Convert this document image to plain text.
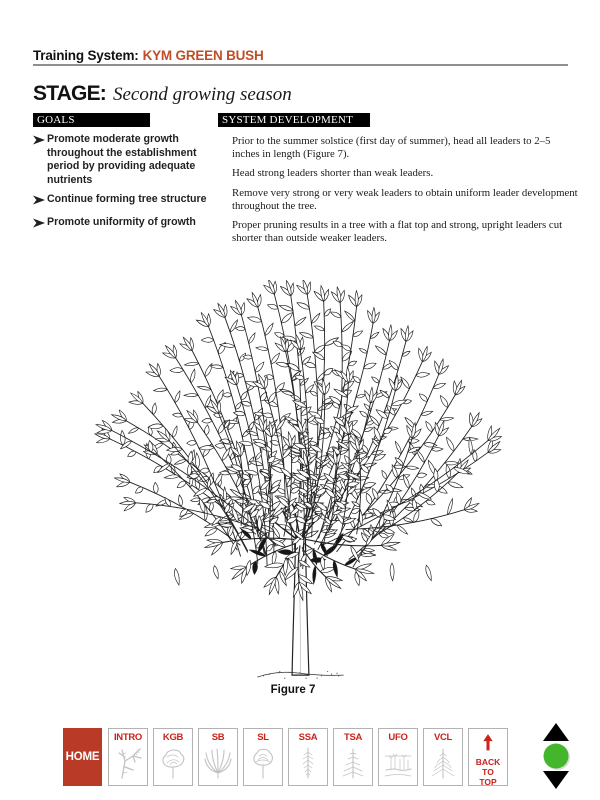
Training System: KYM GREEN BUSH
STAGE: Second growing season
GOALS	SYSTEM DEVELOPMENT
Promote moderate growth throughout the establishment period by providing adequate nutrients
Continue forming tree structure
Promote uniformity of growth
Prior to the summer solstice (first day of summer), head all leaders to 2–5 inches in length (Figure 7).
Head strong leaders shorter than weak leaders.
Remove very strong or very weak leaders to obtain uniform leader development throughout the tree.
Proper pruning results in a tree with a flat top and strong, upright leaders cut shorter than outside weaker leaders.
Figure 7
HOME
INTRO	KGB	SB	SL	SSA	TSA	UFO	VCL
BACK
TO
TOP
